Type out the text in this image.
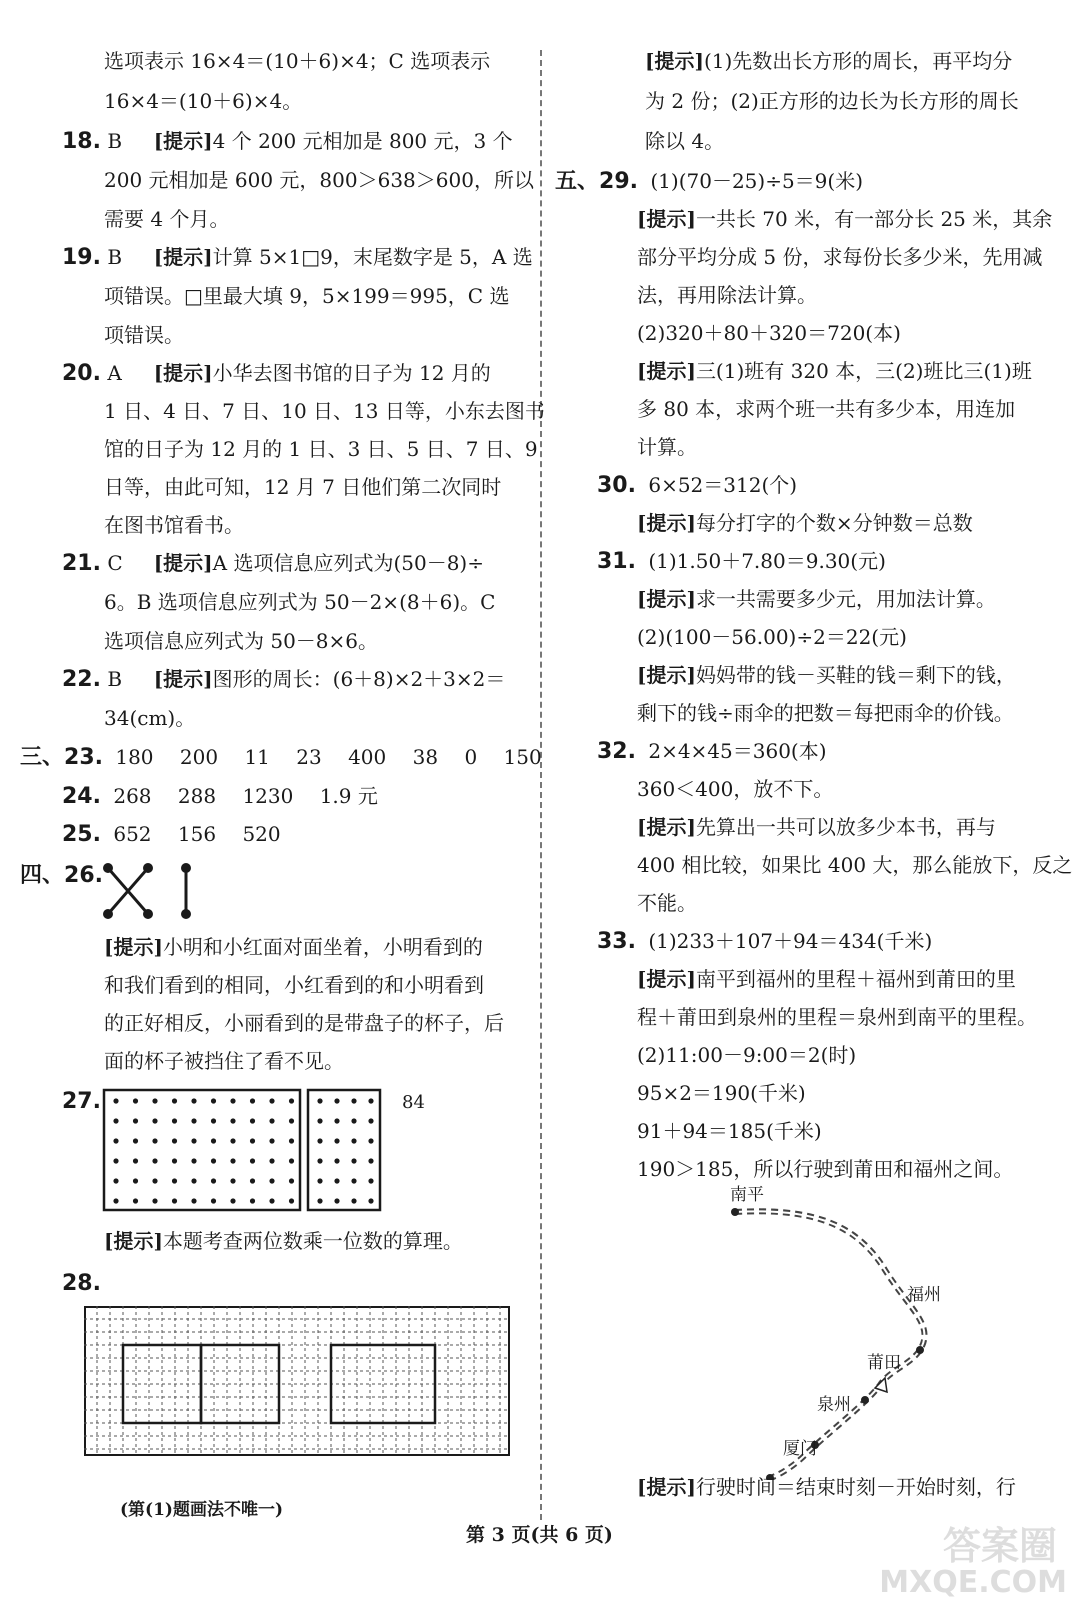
选项表示 16×4＝(10＋6)×4；C 选项表示
16×4＝(10＋6)×4。
18. B [提示]4 个 200 元相加是 800 元，3 个
200 元相加是 600 元，800＞638＞600，所以
需要 4 个月。
19. B [提示]计算 5×1□9，末尾数字是 5，A 选
项错误。□里最大填 9，5×199＝995，C 选
项错误。
20. A [提示]小华去图书馆的日子为 12 月的
1 日、4 日、7 日、10 日、13 日等，小东去图书
馆的日子为 12 月的 1 日、3 日、5 日、7 日、9
日等，由此可知，12 月 7 日他们第二次同时
在图书馆看书。
21. C [提示]A 选项信息应列式为(50－8)÷
6。B 选项信息应列式为 50－2×(8＋6)。C
选项信息应列式为 50－8×6。
22. B [提示]图形的周长：(6＋8)×2＋3×2＝
34(cm)。
三、23. 180 200 11 23 400 38 0 150
24. 268 288 1230 1.9 元
25. 652 156 520
四、26.
[提示]小明和小红面对面坐着，小明看到的
和我们看到的相同，小红看到的和小明看到
的正好相反，小丽看到的是带盘子的杯子，后
面的杯子被挡住了看不见。
27.	84
[提示]本题考查两位数乘一位数的算理。
28.
(第(1)题画法不唯一)
[提示](1)先数出长方形的周长，再平均分
为 2 份；(2)正方形的边长为长方形的周长
除以 4。
五、29. (1)(70－25)÷5＝9(米)
[提示]一共长 70 米，有一部分长 25 米，其余
部分平均分成 5 份，求每份长多少米，先用减
法，再用除法计算。
(2)320＋80＋320＝720(本)
[提示]三(1)班有 320 本，三(2)班比三(1)班
多 80 本，求两个班一共有多少本，用连加
计算。
30. 6×52＝312(个)
[提示]每分打字的个数×分钟数＝总数
31. (1)1.50＋7.80＝9.30(元)
[提示]求一共需要多少元，用加法计算。
(2)(100－56.00)÷2＝22(元)
[提示]妈妈带的钱－买鞋的钱＝剩下的钱，
剩下的钱÷雨伞的把数＝每把雨伞的价钱。
32. 2×4×45＝360(本)
360＜400，放不下。
[提示]先算出一共可以放多少本书，再与
400 相比较，如果比 400 大，那么能放下，反之
不能。
33. (1)233＋107＋94＝434(千米)
[提示]南平到福州的里程＋福州到莆田的里
程＋莆田到泉州的里程＝泉州到南平的里程。
(2)11:00－9:00＝2(时)
95×2＝190(千米)
91＋94＝185(千米)
190＞185，所以行驶到莆田和福州之间。
南平
福州
莆田
泉州
厦门
[提示]行驶时间＝结束时刻－开始时刻，行
第 3 页(共 6 页)	答案圈
MXQE.COM
